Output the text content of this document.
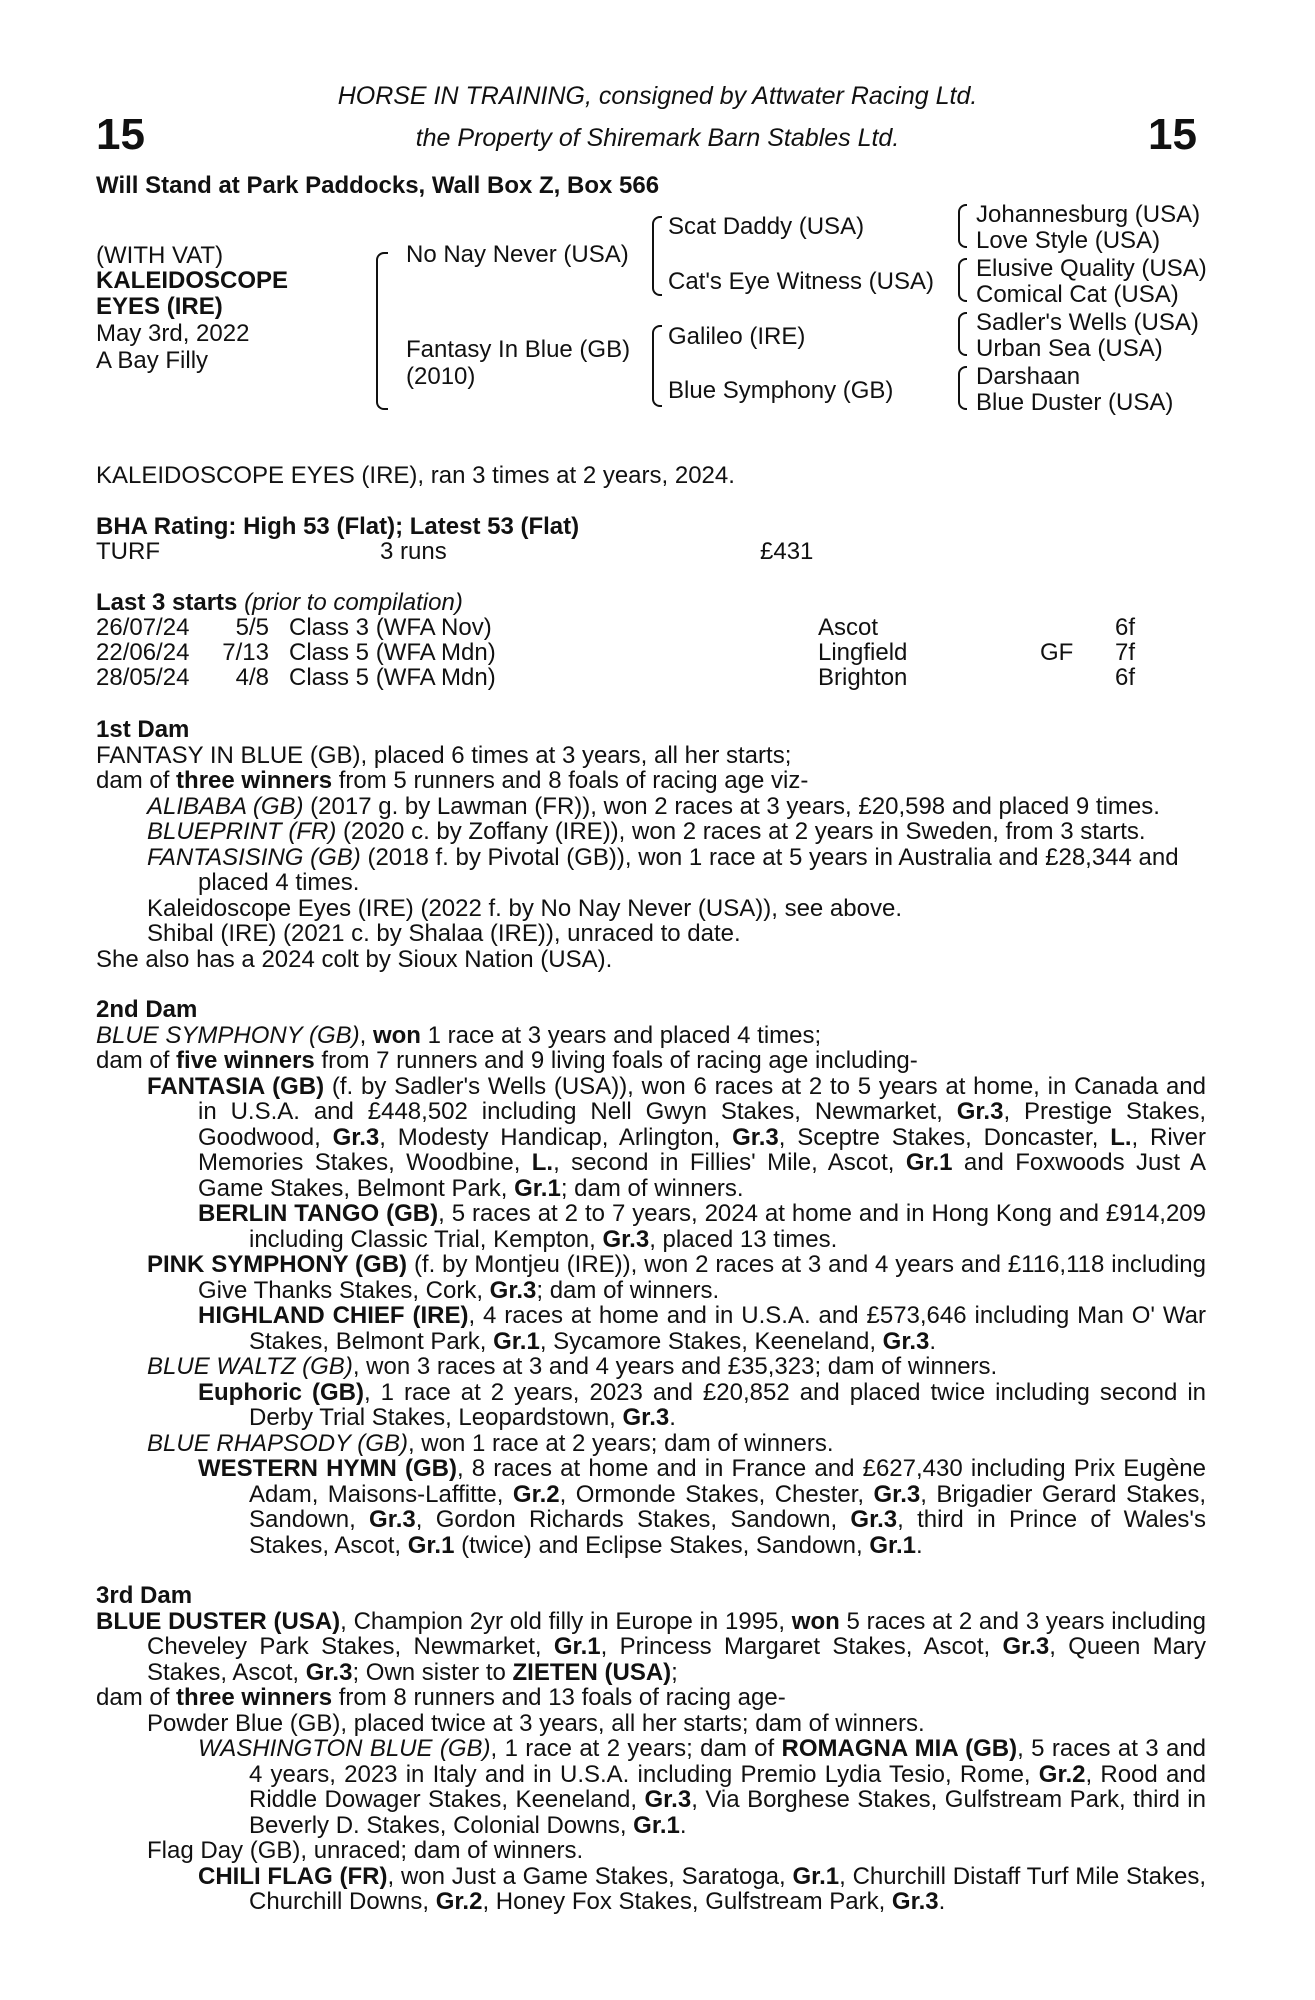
15	15
HORSE IN TRAINING, consigned by Attwater Racing Ltd.
the Property of Shiremark Barn Stables Ltd.
Will Stand at Park Paddocks, Wall Box Z, Box 566
(WITH VAT)
KALEIDOSCOPE
EYES (IRE)
May 3rd, 2022
A Bay Filly
No Nay Never (USA)
Fantasy In Blue (GB)
(2010)
Scat Daddy (USA)
Cat's Eye Witness (USA)
Galileo (IRE)
Blue Symphony (GB)
Johannesburg (USA)
Love Style (USA)
Elusive Quality (USA)
Comical Cat (USA)
Sadler's Wells (USA)
Urban Sea (USA)
Darshaan
Blue Duster (USA)
KALEIDOSCOPE EYES (IRE), ran 3 times at 2 years, 2024.
BHA Rating: High 53 (Flat); Latest 53 (Flat)
TURF	3 runs	£431
Last 3 starts (prior to compilation)
26/07/24	5/5 Class 3 (WFA Nov)	Ascot	6f
22/06/24	7/13 Class 5 (WFA Mdn)	Lingfield	GF 7f
28/05/24	4/8 Class 5 (WFA Mdn)	Brighton	6f

1st Dam

FANTASY IN BLUE (GB), placed 6 times at 3 years, all her starts;

dam of three winners from 5 runners and 8 foals of racing age viz-

ALIBABA (GB) (2017 g. by Lawman (FR)), won 2 races at 3 years, £20,598 and placed 9 times.

BLUEPRINT (FR) (2020 c. by Zoffany (IRE)), won 2 races at 2 years in Sweden, from 3 starts.

FANTASISING (GB) (2018 f. by Pivotal (GB)), won 1 race at 5 years in Australia and £28,344 and placed 4 times.

Kaleidoscope Eyes (IRE) (2022 f. by No Nay Never (USA)), see above.

Shibal (IRE) (2021 c. by Shalaa (IRE)), unraced to date.

She also has a 2024 colt by Sioux Nation (USA).

2nd Dam

BLUE SYMPHONY (GB), won 1 race at 3 years and placed 4 times;

dam of five winners from 7 runners and 9 living foals of racing age including-

FANTASIA (GB) (f. by Sadler's Wells (USA)), won 6 races at 2 to 5 years at home, in Canada and in U.S.A. and £448,502 including Nell Gwyn Stakes, Newmarket, Gr.3, Prestige Stakes, Goodwood, Gr.3, Modesty Handicap, Arlington, Gr.3, Sceptre Stakes, Doncaster, L., River Memories Stakes, Woodbine, L., second in Fillies' Mile, Ascot, Gr.1 and Foxwoods Just A Game Stakes, Belmont Park, Gr.1; dam of winners.

BERLIN TANGO (GB), 5 races at 2 to 7 years, 2024 at home and in Hong Kong and £914,209 including Classic Trial, Kempton, Gr.3, placed 13 times.

PINK SYMPHONY (GB) (f. by Montjeu (IRE)), won 2 races at 3 and 4 years and £116,118 including Give Thanks Stakes, Cork, Gr.3; dam of winners.

HIGHLAND CHIEF (IRE), 4 races at home and in U.S.A. and £573,646 including Man O' War Stakes, Belmont Park, Gr.1, Sycamore Stakes, Keeneland, Gr.3.

BLUE WALTZ (GB), won 3 races at 3 and 4 years and £35,323; dam of winners.

Euphoric (GB), 1 race at 2 years, 2023 and £20,852 and placed twice including second in Derby Trial Stakes, Leopardstown, Gr.3.

BLUE RHAPSODY (GB), won 1 race at 2 years; dam of winners.

WESTERN HYMN (GB), 8 races at home and in France and £627,430 including Prix Eugène Adam, Maisons-Laffitte, Gr.2, Ormonde Stakes, Chester, Gr.3, Brigadier Gerard Stakes, Sandown, Gr.3, Gordon Richards Stakes, Sandown, Gr.3, third in Prince of Wales's Stakes, Ascot, Gr.1 (twice) and Eclipse Stakes, Sandown, Gr.1.

3rd Dam

BLUE DUSTER (USA), Champion 2yr old filly in Europe in 1995, won 5 races at 2 and 3 years including Cheveley Park Stakes, Newmarket, Gr.1, Princess Margaret Stakes, Ascot, Gr.3, Queen Mary Stakes, Ascot, Gr.3; Own sister to ZIETEN (USA);

dam of three winners from 8 runners and 13 foals of racing age-

Powder Blue (GB), placed twice at 3 years, all her starts; dam of winners.

WASHINGTON BLUE (GB), 1 race at 2 years; dam of ROMAGNA MIA (GB), 5 races at 3 and 4 years, 2023 in Italy and in U.S.A. including Premio Lydia Tesio, Rome, Gr.2, Rood and Riddle Dowager Stakes, Keeneland, Gr.3, Via Borghese Stakes, Gulfstream Park, third in Beverly D. Stakes, Colonial Downs, Gr.1.

Flag Day (GB), unraced; dam of winners.

CHILI FLAG (FR), won Just a Game Stakes, Saratoga, Gr.1, Churchill Distaff Turf Mile Stakes, Churchill Downs, Gr.2, Honey Fox Stakes, Gulfstream Park, Gr.3.
